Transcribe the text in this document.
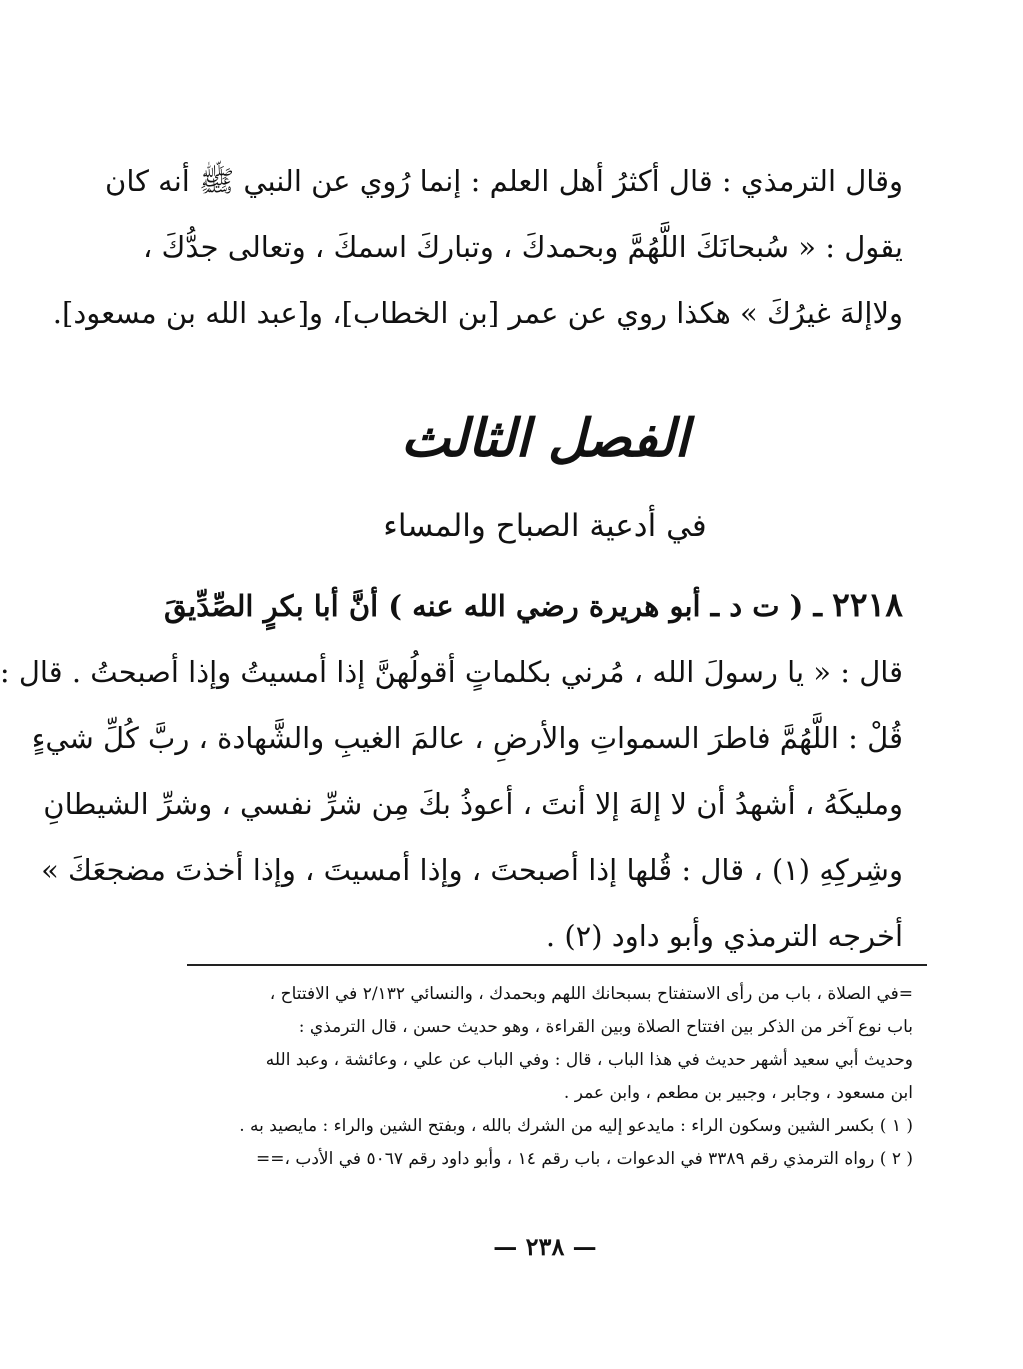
وقال الترمذي : قال أكثرُ أهل العلم : إنما رُوي عن النبي ﷺ أنه كان
يقول : « سُبحانَكَ اللَّهُمَّ وبحمدكَ ، وتباركَ اسمكَ ، وتعالى جدُّكَ ،
ولاإلهَ غيرُكَ » هكذا روي عن عمر [بن الخطاب]، و[عبد الله بن مسعود].
الفصل الثالث
في أدعية الصباح والمساء
٢٢١٨ ـ ( ت د ـ أبو هريرة رضي الله عنه ) أنَّ أبا بكرٍ الصِّدِّيقَ
قال : « يا رسولَ الله ، مُرني بكلماتٍ أقولُهنَّ إذا أمسيتُ وإذا أصبحتُ . قال :
قُلْ : اللَّهُمَّ فاطرَ السمواتِ والأرضِ ، عالمَ الغيبِ والشَّهادة ، ربَّ كُلِّ شيءٍ
ومليكَهُ ، أشهدُ أن لا إلهَ إلا أنتَ ، أعوذُ بكَ مِن شرِّ نفسي ، وشرِّ الشيطانِ
وشِركِهِ (١) ، قال : قُلها إذا أصبحتَ ، وإذا أمسيتَ ، وإذا أخذتَ مضجعَكَ »
أخرجه الترمذي وأبو داود (٢) .
=في الصلاة ، باب من رأى الاستفتاح بسبحانك اللهم وبحمدك ، والنسائي ٢/١٣٢ في الافتتاح ،
باب نوع آخر من الذكر بين افتتاح الصلاة وبين القراءة ، وهو حديث حسن ، قال الترمذي :
وحديث أبي سعيد أشهر حديث في هذا الباب ، قال : وفي الباب عن علي ، وعائشة ، وعبد الله
ابن مسعود ، وجابر ، وجبير بن مطعم ، وابن عمر .
( ١ ) بكسر الشين وسكون الراء : مايدعو إليه من الشرك بالله ، وبفتح الشين والراء : مايصيد به .
( ٢ ) رواه الترمذي رقم ٣٣٨٩ في الدعوات ، باب رقم ١٤ ، وأبو داود رقم ٥٠٦٧ في الأدب ،==
— ٢٣٨ —
